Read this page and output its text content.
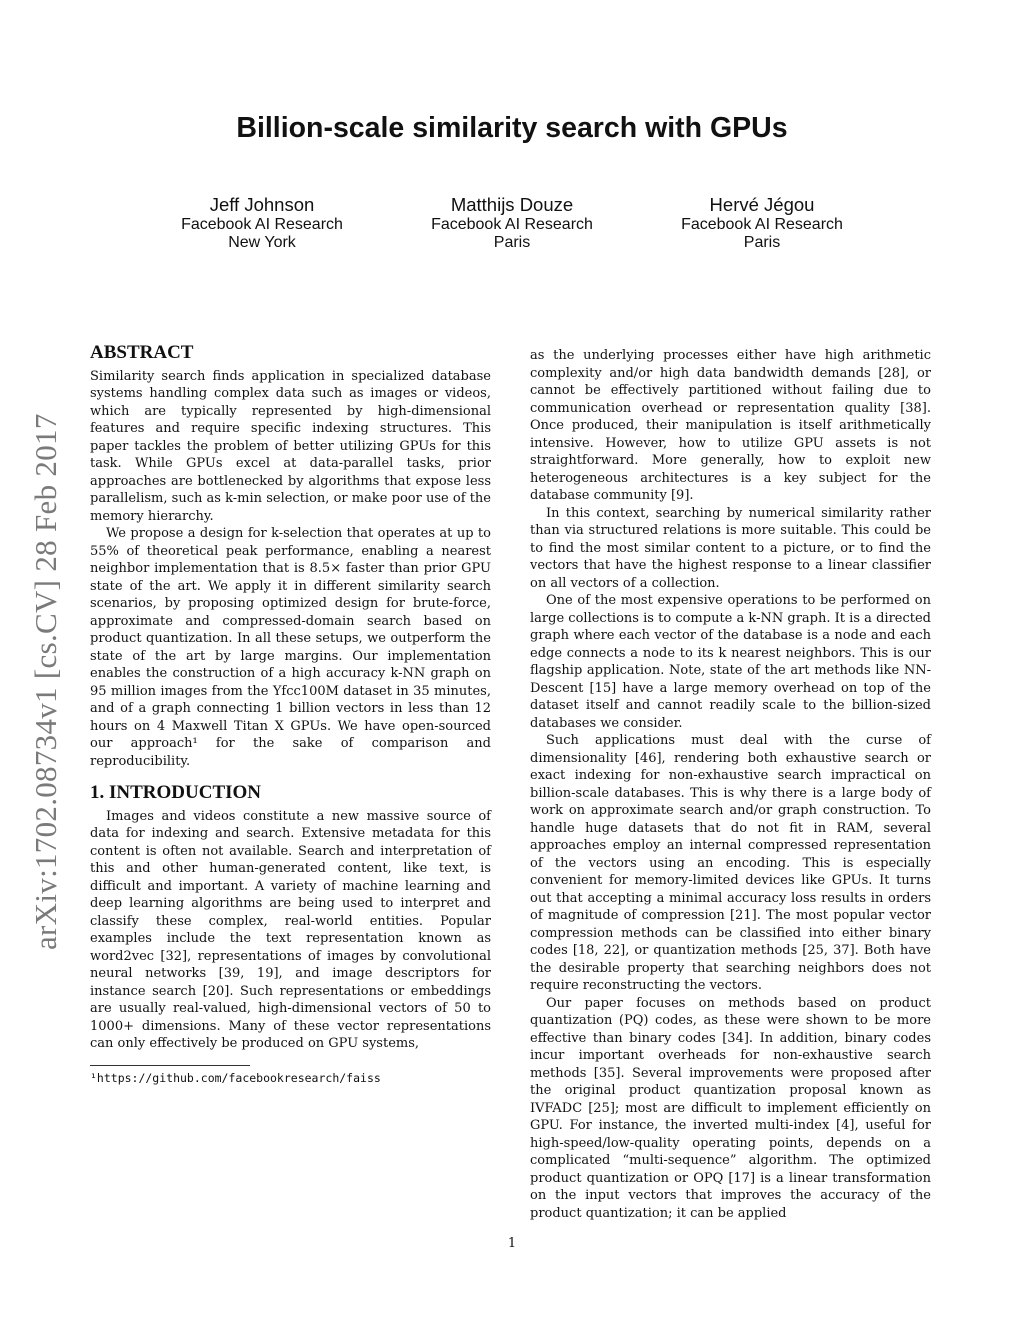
arXiv:1702.08734v1 [cs.CV] 28 Feb 2017
Billion-scale similarity search with GPUs
Jeff Johnson
Facebook AI Research
New York
Matthijs Douze
Facebook AI Research
Paris
Hervé Jégou
Facebook AI Research
Paris
ABSTRACT

Similarity search finds application in specialized database systems handling complex data such as images or videos, which are typically represented by high-dimensional features and require specific indexing structures. This paper tackles the problem of better utilizing GPUs for this task. While GPUs excel at data-parallel tasks, prior approaches are bottlenecked by algorithms that expose less parallelism, such as k-min selection, or make poor use of the memory hierarchy.

We propose a design for k-selection that operates at up to 55% of theoretical peak performance, enabling a nearest neighbor implementation that is 8.5× faster than prior GPU state of the art. We apply it in different similarity search scenarios, by proposing optimized design for brute-force, approximate and compressed-domain search based on product quantization. In all these setups, we outperform the state of the art by large margins. Our implementation enables the construction of a high accuracy k-NN graph on 95 million images from the Yfcc100M dataset in 35 minutes, and of a graph connecting 1 billion vectors in less than 12 hours on 4 Maxwell Titan X GPUs. We have open-sourced our approach¹ for the sake of comparison and reproducibility.

1. INTRODUCTION

Images and videos constitute a new massive source of data for indexing and search. Extensive metadata for this content is often not available. Search and interpretation of this and other human-generated content, like text, is difficult and important. A variety of machine learning and deep learning algorithms are being used to interpret and classify these complex, real-world entities. Popular examples include the text representation known as word2vec [32], representations of images by convolutional neural networks [39, 19], and image descriptors for instance search [20]. Such representations or embeddings are usually real-valued, high-dimensional vectors of 50 to 1000+ dimensions. Many of these vector representations can only effectively be produced on GPU systems,

¹https://github.com/facebookresearch/faiss

as the underlying processes either have high arithmetic complexity and/or high data bandwidth demands [28], or cannot be effectively partitioned without failing due to communication overhead or representation quality [38]. Once produced, their manipulation is itself arithmetically intensive. However, how to utilize GPU assets is not straightforward. More generally, how to exploit new heterogeneous architectures is a key subject for the database community [9].

In this context, searching by numerical similarity rather than via structured relations is more suitable. This could be to find the most similar content to a picture, or to find the vectors that have the highest response to a linear classifier on all vectors of a collection.

One of the most expensive operations to be performed on large collections is to compute a k-NN graph. It is a directed graph where each vector of the database is a node and each edge connects a node to its k nearest neighbors. This is our flagship application. Note, state of the art methods like NN-Descent [15] have a large memory overhead on top of the dataset itself and cannot readily scale to the billion-sized databases we consider.

Such applications must deal with the curse of dimensionality [46], rendering both exhaustive search or exact indexing for non-exhaustive search impractical on billion-scale databases. This is why there is a large body of work on approximate search and/or graph construction. To handle huge datasets that do not fit in RAM, several approaches employ an internal compressed representation of the vectors using an encoding. This is especially convenient for memory-limited devices like GPUs. It turns out that accepting a minimal accuracy loss results in orders of magnitude of compression [21]. The most popular vector compression methods can be classified into either binary codes [18, 22], or quantization methods [25, 37]. Both have the desirable property that searching neighbors does not require reconstructing the vectors.

Our paper focuses on methods based on product quantization (PQ) codes, as these were shown to be more effective than binary codes [34]. In addition, binary codes incur important overheads for non-exhaustive search methods [35]. Several improvements were proposed after the original product quantization proposal known as IVFADC [25]; most are difficult to implement efficiently on GPU. For instance, the inverted multi-index [4], useful for high-speed/low-quality operating points, depends on a complicated “multi-sequence” algorithm. The optimized product quantization or OPQ [17] is a linear transformation on the input vectors that improves the accuracy of the product quantization; it can be applied

1
